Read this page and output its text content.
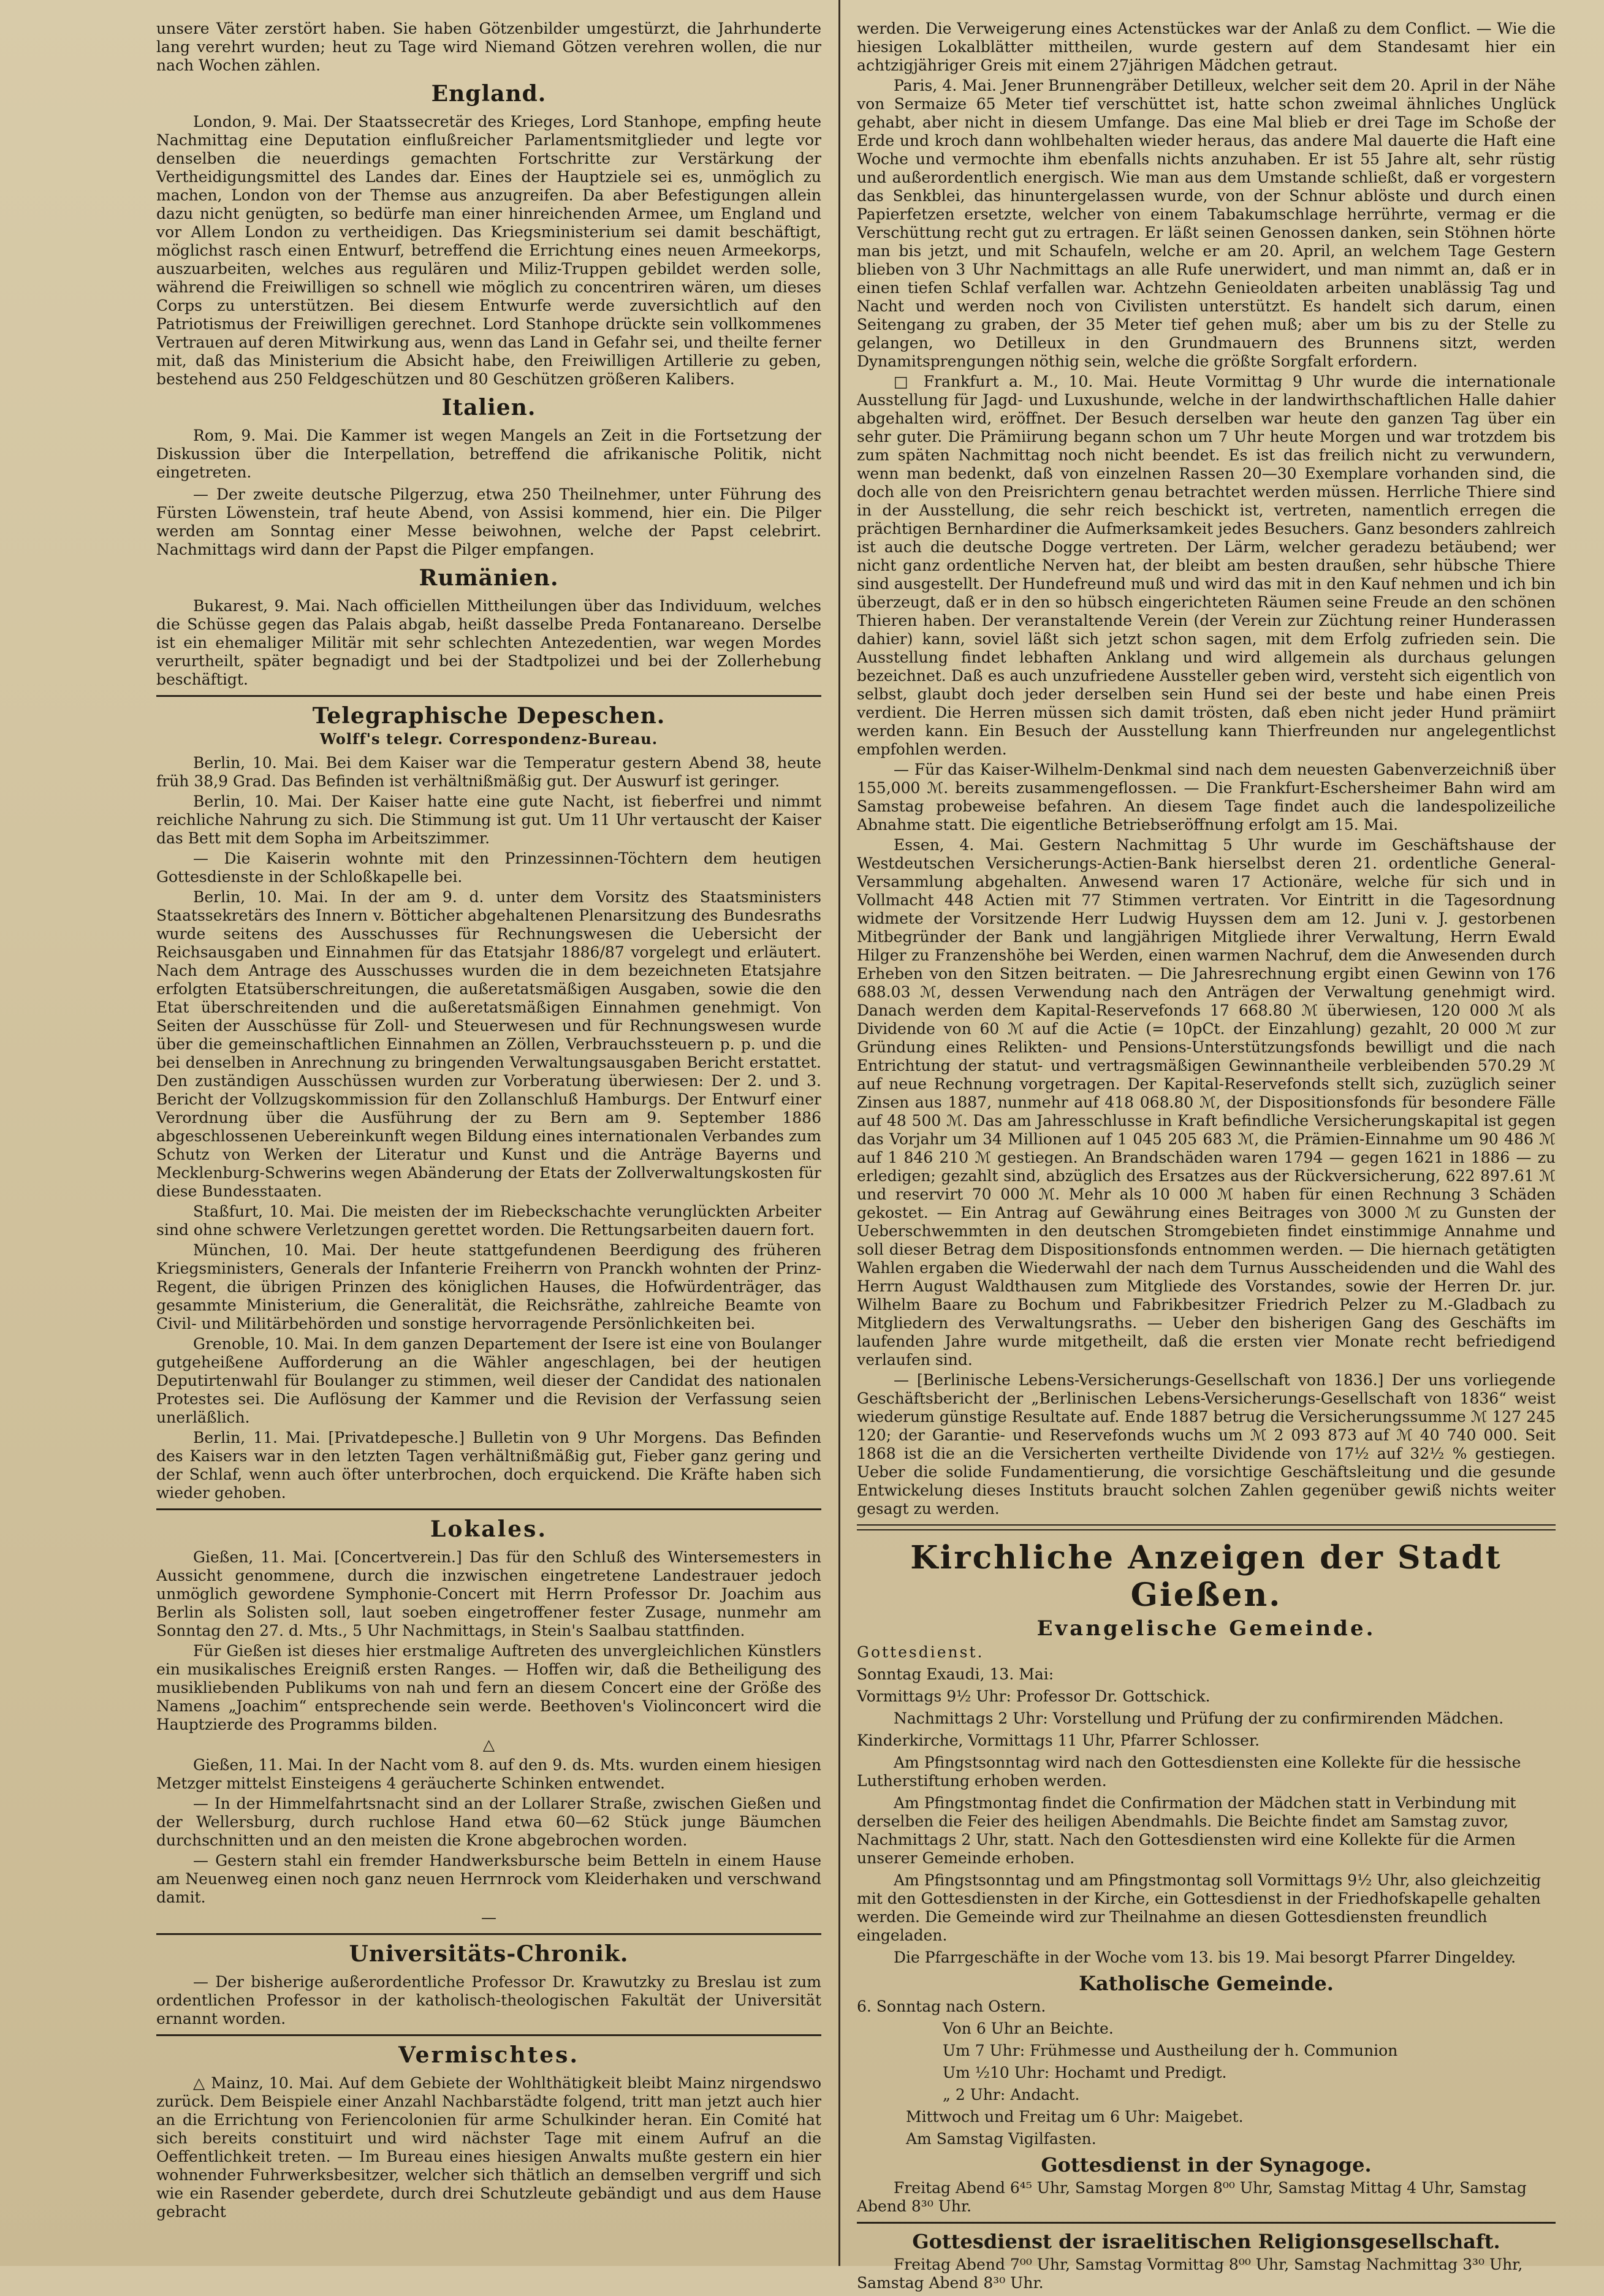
unsere Väter zerstört haben. Sie haben Götzenbilder umgestürzt, die Jahrhunderte lang verehrt wurden; heut zu Tage wird Niemand Götzen verehren wollen, die nur nach Wochen zählen.

England.

London, 9. Mai. Der Staatssecretär des Krieges, Lord Stanhope, empfing heute Nachmittag eine Deputation einflußreicher Parlamentsmitglieder und legte vor denselben die neuerdings gemachten Fortschritte zur Verstärkung der Vertheidigungsmittel des Landes dar. Eines der Hauptziele sei es, unmöglich zu machen, London von der Themse aus anzugreifen. Da aber Befestigungen allein dazu nicht genügten, so bedürfe man einer hinreichenden Armee, um England und vor Allem London zu vertheidigen. Das Kriegsministerium sei damit beschäftigt, möglichst rasch einen Entwurf, betreffend die Errichtung eines neuen Armeekorps, auszuarbeiten, welches aus regulären und Miliz-Truppen gebildet werden solle, während die Freiwilligen so schnell wie möglich zu concentriren wären, um dieses Corps zu unterstützen. Bei diesem Entwurfe werde zuversichtlich auf den Patriotismus der Freiwilligen gerechnet. Lord Stanhope drückte sein vollkommenes Vertrauen auf deren Mitwirkung aus, wenn das Land in Gefahr sei, und theilte ferner mit, daß das Ministerium die Absicht habe, den Freiwilligen Artillerie zu geben, bestehend aus 250 Feldgeschützen und 80 Geschützen größeren Kalibers.

Italien.

Rom, 9. Mai. Die Kammer ist wegen Mangels an Zeit in die Fortsetzung der Diskussion über die Interpellation, betreffend die afrikanische Politik, nicht eingetreten.

— Der zweite deutsche Pilgerzug, etwa 250 Theilnehmer, unter Führung des Fürsten Löwenstein, traf heute Abend, von Assisi kommend, hier ein. Die Pilger werden am Sonntag einer Messe beiwohnen, welche der Papst celebrirt. Nachmittags wird dann der Papst die Pilger empfangen.

Rumänien.

Bukarest, 9. Mai. Nach officiellen Mittheilungen über das Individuum, welches die Schüsse gegen das Palais abgab, heißt dasselbe Preda Fontanareano. Derselbe ist ein ehemaliger Militär mit sehr schlechten Antezedentien, war wegen Mordes verurtheilt, später begnadigt und bei der Stadtpolizei und bei der Zollerhebung beschäftigt.

Telegraphische Depeschen.
Wolff's telegr. Correspondenz-Bureau.

Berlin, 10. Mai. Bei dem Kaiser war die Temperatur gestern Abend 38, heute früh 38,9 Grad. Das Befinden ist verhältnißmäßig gut. Der Auswurf ist geringer.

Berlin, 10. Mai. Der Kaiser hatte eine gute Nacht, ist fieberfrei und nimmt reichliche Nahrung zu sich. Die Stimmung ist gut. Um 11 Uhr vertauscht der Kaiser das Bett mit dem Sopha im Arbeitszimmer.

— Die Kaiserin wohnte mit den Prinzessinnen-Töchtern dem heutigen Gottesdienste in der Schloßkapelle bei.

Berlin, 10. Mai. In der am 9. d. unter dem Vorsitz des Staatsministers Staatssekretärs des Innern v. Bötticher abgehaltenen Plenarsitzung des Bundesraths wurde seitens des Ausschusses für Rechnungswesen die Uebersicht der Reichsausgaben und Einnahmen für das Etatsjahr 1886/87 vorgelegt und erläutert. Nach dem Antrage des Ausschusses wurden die in dem bezeichneten Etatsjahre erfolgten Etatsüberschreitungen, die außeretatsmäßigen Ausgaben, sowie die den Etat überschreitenden und die außeretatsmäßigen Einnahmen genehmigt. Von Seiten der Ausschüsse für Zoll- und Steuerwesen und für Rechnungswesen wurde über die gemeinschaftlichen Einnahmen an Zöllen, Verbrauchssteuern p. p. und die bei denselben in Anrechnung zu bringenden Verwaltungsausgaben Bericht erstattet. Den zuständigen Ausschüssen wurden zur Vorberatung überwiesen: Der 2. und 3. Bericht der Vollzugskommission für den Zollanschluß Hamburgs. Der Entwurf einer Verordnung über die Ausführung der zu Bern am 9. September 1886 abgeschlossenen Uebereinkunft wegen Bildung eines internationalen Verbandes zum Schutz von Werken der Literatur und Kunst und die Anträge Bayerns und Mecklenburg-Schwerins wegen Abänderung der Etats der Zollverwaltungskosten für diese Bundesstaaten.

Staßfurt, 10. Mai. Die meisten der im Riebeckschachte verunglückten Arbeiter sind ohne schwere Verletzungen gerettet worden. Die Rettungsarbeiten dauern fort.

München, 10. Mai. Der heute stattgefundenen Beerdigung des früheren Kriegsministers, Generals der Infanterie Freiherrn von Pranckh wohnten der Prinz-Regent, die übrigen Prinzen des königlichen Hauses, die Hofwürdenträger, das gesammte Ministerium, die Generalität, die Reichsräthe, zahlreiche Beamte von Civil- und Militärbehörden und sonstige hervorragende Persönlichkeiten bei.

Grenoble, 10. Mai. In dem ganzen Departement der Isere ist eine von Boulanger gutgeheißene Aufforderung an die Wähler angeschlagen, bei der heutigen Deputirtenwahl für Boulanger zu stimmen, weil dieser der Candidat des nationalen Protestes sei. Die Auflösung der Kammer und die Revision der Verfassung seien unerläßlich.

Berlin, 11. Mai. [Privatdepesche.] Bulletin von 9 Uhr Morgens. Das Befinden des Kaisers war in den letzten Tagen verhältnißmäßig gut, Fieber ganz gering und der Schlaf, wenn auch öfter unterbrochen, doch erquickend. Die Kräfte haben sich wieder gehoben.

Lokales.

Gießen, 11. Mai. [Concertverein.] Das für den Schluß des Wintersemesters in Aussicht genommene, durch die inzwischen eingetretene Landestrauer jedoch unmöglich gewordene Symphonie-Concert mit Herrn Professor Dr. Joachim aus Berlin als Solisten soll, laut soeben eingetroffener fester Zusage, nunmehr am Sonntag den 27. d. Mts., 5 Uhr Nachmittags, in Stein's Saalbau stattfinden.

Für Gießen ist dieses hier erstmalige Auftreten des unvergleichlichen Künstlers ein musikalisches Ereigniß ersten Ranges. — Hoffen wir, daß die Betheiligung des musikliebenden Publikums von nah und fern an diesem Concert eine der Größe des Namens „Joachim“ entsprechende sein werde. Beethoven's Violinconcert wird die Hauptzierde des Programms bilden.

△

Gießen, 11. Mai. In der Nacht vom 8. auf den 9. ds. Mts. wurden einem hiesigen Metzger mittelst Einsteigens 4 geräucherte Schinken entwendet.

— In der Himmelfahrtsnacht sind an der Lollarer Straße, zwischen Gießen und der Wellersburg, durch ruchlose Hand etwa 60—62 Stück junge Bäumchen durchschnitten und an den meisten die Krone abgebrochen worden.

— Gestern stahl ein fremder Handwerksbursche beim Betteln in einem Hause am Neuenweg einen noch ganz neuen Herrnrock vom Kleiderhaken und verschwand damit.

—

Universitäts-Chronik.

— Der bisherige außerordentliche Professor Dr. Krawutzky zu Breslau ist zum ordentlichen Professor in der katholisch-theologischen Fakultät der Universität ernannt worden.

Vermischtes.

△ Mainz, 10. Mai. Auf dem Gebiete der Wohlthätigkeit bleibt Mainz nirgendswo zurück. Dem Beispiele einer Anzahl Nachbarstädte folgend, tritt man jetzt auch hier an die Errichtung von Feriencolonien für arme Schulkinder heran. Ein Comité hat sich bereits constituirt und wird nächster Tage mit einem Aufruf an die Oeffentlichkeit treten. — Im Bureau eines hiesigen Anwalts mußte gestern ein hier wohnender Fuhrwerksbesitzer, welcher sich thätlich an demselben vergriff und sich wie ein Rasender geberdete, durch drei Schutzleute gebändigt und aus dem Hause gebracht

werden. Die Verweigerung eines Actenstückes war der Anlaß zu dem Conflict. — Wie die hiesigen Lokalblätter mittheilen, wurde gestern auf dem Standesamt hier ein achtzigjähriger Greis mit einem 27jährigen Mädchen getraut.

Paris, 4. Mai. Jener Brunnengräber Detilleux, welcher seit dem 20. April in der Nähe von Sermaize 65 Meter tief verschüttet ist, hatte schon zweimal ähnliches Unglück gehabt, aber nicht in diesem Umfange. Das eine Mal blieb er drei Tage im Schoße der Erde und kroch dann wohlbehalten wieder heraus, das andere Mal dauerte die Haft eine Woche und vermochte ihm ebenfalls nichts anzuhaben. Er ist 55 Jahre alt, sehr rüstig und außerordentlich energisch. Wie man aus dem Umstande schließt, daß er vorgestern das Senkblei, das hinuntergelassen wurde, von der Schnur ablöste und durch einen Papierfetzen ersetzte, welcher von einem Tabakumschlage herrührte, vermag er die Verschüttung recht gut zu ertragen. Er läßt seinen Genossen danken, sein Stöhnen hörte man bis jetzt, und mit Schaufeln, welche er am 20. April, an welchem Tage Gestern blieben von 3 Uhr Nachmittags an alle Rufe unerwidert, und man nimmt an, daß er in einen tiefen Schlaf verfallen war. Achtzehn Genieoldaten arbeiten unablässig Tag und Nacht und werden noch von Civilisten unterstützt. Es handelt sich darum, einen Seitengang zu graben, der 35 Meter tief gehen muß; aber um bis zu der Stelle zu gelangen, wo Detilleux in den Grundmauern des Brunnens sitzt, werden Dynamitsprengungen nöthig sein, welche die größte Sorgfalt erfordern.

□ Frankfurt a. M., 10. Mai. Heute Vormittag 9 Uhr wurde die internationale Ausstellung für Jagd- und Luxushunde, welche in der landwirthschaftlichen Halle dahier abgehalten wird, eröffnet. Der Besuch derselben war heute den ganzen Tag über ein sehr guter. Die Prämiirung begann schon um 7 Uhr heute Morgen und war trotzdem bis zum späten Nachmittag noch nicht beendet. Es ist das freilich nicht zu verwundern, wenn man bedenkt, daß von einzelnen Rassen 20—30 Exemplare vorhanden sind, die doch alle von den Preisrichtern genau betrachtet werden müssen. Herrliche Thiere sind in der Ausstellung, die sehr reich beschickt ist, vertreten, namentlich erregen die prächtigen Bernhardiner die Aufmerksamkeit jedes Besuchers. Ganz besonders zahlreich ist auch die deutsche Dogge vertreten. Der Lärm, welcher geradezu betäubend; wer nicht ganz ordentliche Nerven hat, der bleibt am besten draußen, sehr hübsche Thiere sind ausgestellt. Der Hundefreund muß und wird das mit in den Kauf nehmen und ich bin überzeugt, daß er in den so hübsch eingerichteten Räumen seine Freude an den schönen Thieren haben. Der veranstaltende Verein (der Verein zur Züchtung reiner Hunderassen dahier) kann, soviel läßt sich jetzt schon sagen, mit dem Erfolg zufrieden sein. Die Ausstellung findet lebhaften Anklang und wird allgemein als durchaus gelungen bezeichnet. Daß es auch unzufriedene Aussteller geben wird, versteht sich eigentlich von selbst, glaubt doch jeder derselben sein Hund sei der beste und habe einen Preis verdient. Die Herren müssen sich damit trösten, daß eben nicht jeder Hund prämiirt werden kann. Ein Besuch der Ausstellung kann Thierfreunden nur angelegentlichst empfohlen werden.

— Für das Kaiser-Wilhelm-Denkmal sind nach dem neuesten Gabenverzeichniß über 155,000 ℳ. bereits zusammengeflossen. — Die Frankfurt-Eschersheimer Bahn wird am Samstag probeweise befahren. An diesem Tage findet auch die landespolizeiliche Abnahme statt. Die eigentliche Betriebseröffnung erfolgt am 15. Mai.

Essen, 4. Mai. Gestern Nachmittag 5 Uhr wurde im Geschäftshause der Westdeutschen Versicherungs-Actien-Bank hierselbst deren 21. ordentliche General-Versammlung abgehalten. Anwesend waren 17 Actionäre, welche für sich und in Vollmacht 448 Actien mit 77 Stimmen vertraten. Vor Eintritt in die Tagesordnung widmete der Vorsitzende Herr Ludwig Huyssen dem am 12. Juni v. J. gestorbenen Mitbegründer der Bank und langjährigen Mitgliede ihrer Verwaltung, Herrn Ewald Hilger zu Franzenshöhe bei Werden, einen warmen Nachruf, dem die Anwesenden durch Erheben von den Sitzen beitraten. — Die Jahresrechnung ergibt einen Gewinn von 176 688.03 ℳ, dessen Verwendung nach den Anträgen der Verwaltung genehmigt wird. Danach werden dem Kapital-Reservefonds 17 668.80 ℳ überwiesen, 120 000 ℳ als Dividende von 60 ℳ auf die Actie (= 10pCt. der Einzahlung) gezahlt, 20 000 ℳ zur Gründung eines Relikten- und Pensions-Unterstützungsfonds bewilligt und die nach Entrichtung der statut- und vertragsmäßigen Gewinnantheile verbleibenden 570.29 ℳ auf neue Rechnung vorgetragen. Der Kapital-Reservefonds stellt sich, zuzüglich seiner Zinsen aus 1887, nunmehr auf 418 068.80 ℳ, der Dispositionsfonds für besondere Fälle auf 48 500 ℳ. Das am Jahresschlusse in Kraft befindliche Versicherungskapital ist gegen das Vorjahr um 34 Millionen auf 1 045 205 683 ℳ, die Prämien-Einnahme um 90 486 ℳ auf 1 846 210 ℳ gestiegen. An Brandschäden waren 1794 — gegen 1621 in 1886 — zu erledigen; gezahlt sind, abzüglich des Ersatzes aus der Rückversicherung, 622 897.61 ℳ und reservirt 70 000 ℳ. Mehr als 10 000 ℳ haben für einen Rechnung 3 Schäden gekostet. — Ein Antrag auf Gewährung eines Beitrages von 3000 ℳ zu Gunsten der Ueberschwemmten in den deutschen Stromgebieten findet einstimmige Annahme und soll dieser Betrag dem Dispositionsfonds entnommen werden. — Die hiernach getätigten Wahlen ergaben die Wiederwahl der nach dem Turnus Ausscheidenden und die Wahl des Herrn August Waldthausen zum Mitgliede des Vorstandes, sowie der Herren Dr. jur. Wilhelm Baare zu Bochum und Fabrikbesitzer Friedrich Pelzer zu M.-Gladbach zu Mitgliedern des Verwaltungsraths. — Ueber den bisherigen Gang des Geschäfts im laufenden Jahre wurde mitgetheilt, daß die ersten vier Monate recht befriedigend verlaufen sind.

— [Berlinische Lebens-Versicherungs-Gesellschaft von 1836.] Der uns vorliegende Geschäftsbericht der „Berlinischen Lebens-Versicherungs-Gesellschaft von 1836“ weist wiederum günstige Resultate auf. Ende 1887 betrug die Versicherungssumme ℳ 127 245 120; der Garantie- und Reservefonds wuchs um ℳ 2 093 873 auf ℳ 40 740 000. Seit 1868 ist die an die Versicherten vertheilte Dividende von 17½ auf 32½ % gestiegen. Ueber die solide Fundamentierung, die vorsichtige Geschäftsleitung und die gesunde Entwickelung dieses Instituts braucht solchen Zahlen gegenüber gewiß nichts weiter gesagt zu werden.

Kirchliche Anzeigen der Stadt Gießen.
Evangelische Gemeinde.

Gottesdienst.

Sonntag Exaudi, 13. Mai:

Vormittags 9½ Uhr: Professor Dr. Gottschick.

Nachmittags 2 Uhr: Vorstellung und Prüfung der zu confirmirenden Mädchen.

Kinderkirche, Vormittags 11 Uhr, Pfarrer Schlosser.

Am Pfingstsonntag wird nach den Gottesdiensten eine Kollekte für die hessische Lutherstiftung erhoben werden.

Am Pfingstmontag findet die Confirmation der Mädchen statt in Verbindung mit derselben die Feier des heiligen Abendmahls. Die Beichte findet am Samstag zuvor, Nachmittags 2 Uhr, statt. Nach den Gottesdiensten wird eine Kollekte für die Armen unserer Gemeinde erhoben.

Am Pfingstsonntag und am Pfingstmontag soll Vormittags 9½ Uhr, also gleichzeitig mit den Gottesdiensten in der Kirche, ein Gottesdienst in der Friedhofskapelle gehalten werden. Die Gemeinde wird zur Theilnahme an diesen Gottesdiensten freundlich eingeladen.

Die Pfarrgeschäfte in der Woche vom 13. bis 19. Mai besorgt Pfarrer Dingeldey.

Katholische Gemeinde.

6. Sonntag nach Ostern.

Von 6 Uhr an Beichte.

Um 7 Uhr: Frühmesse und Austheilung der h. Communion

Um ½10 Uhr: Hochamt und Predigt.

„ 2 Uhr: Andacht.

Mittwoch und Freitag um 6 Uhr: Maigebet.

Am Samstag Vigilfasten.

Gottesdienst in der Synagoge.

Freitag Abend 6⁴⁵ Uhr, Samstag Morgen 8⁰⁰ Uhr, Samstag Mittag 4 Uhr, Samstag Abend 8³⁰ Uhr.

Gottesdienst der israelitischen Religionsgesellschaft.

Freitag Abend 7⁰⁰ Uhr, Samstag Vormittag 8⁰⁰ Uhr, Samstag Nachmittag 3³⁰ Uhr, Samstag Abend 8³⁰ Uhr.
